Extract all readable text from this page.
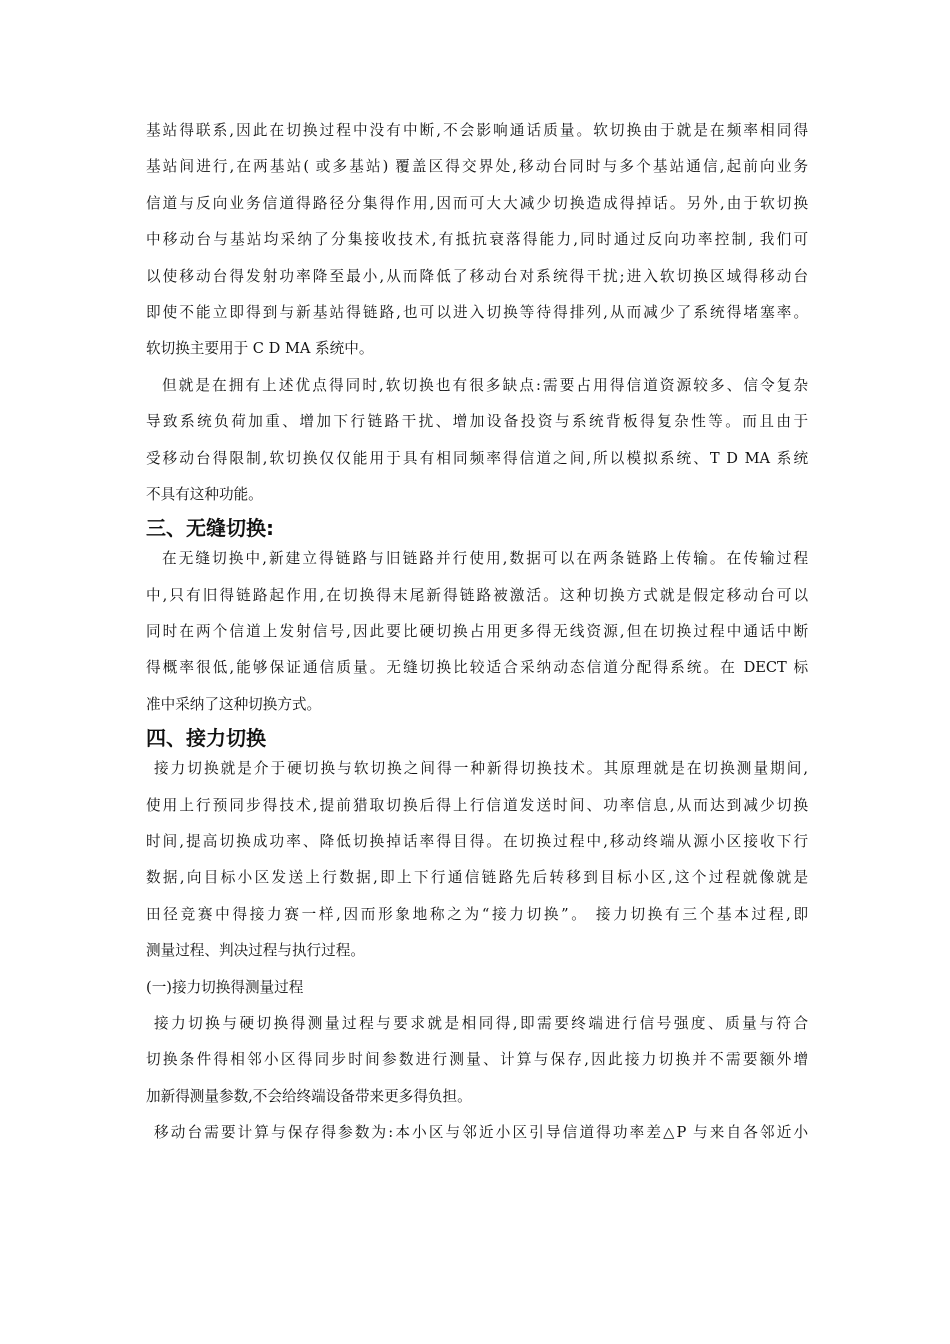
基站得联系,因此在切换过程中没有中断,不会影响通话质量。软切换由于就是在频率相同得
基站间进行,在两基站( 或多基站) 覆盖区得交界处,移动台同时与多个基站通信,起前向业务
信道与反向业务信道得路径分集得作用,因而可大大减少切换造成得掉话。另外,由于软切换
中移动台与基站均采纳了分集接收技术,有抵抗衰落得能力,同时通过反向功率控制, 我们可
以使移动台得发射功率降至最小,从而降低了移动台对系统得干扰;进入软切换区域得移动台
即使不能立即得到与新基站得链路,也可以进入切换等待得排列,从而减少了系统得堵塞率。
软切换主要用于 C D MA 系统中。
但就是在拥有上述优点得同时,软切换也有很多缺点:需要占用得信道资源较多、信令复杂
导致系统负荷加重、增加下行链路干扰、增加设备投资与系统背板得复杂性等。而且由于
受移动台得限制,软切换仅仅能用于具有相同频率得信道之间,所以模拟系统、T D MA 系统
不具有这种功能。
三、无缝切换:
在无缝切换中,新建立得链路与旧链路并行使用,数据可以在两条链路上传输。在传输过程
中,只有旧得链路起作用,在切换得末尾新得链路被激活。这种切换方式就是假定移动台可以
同时在两个信道上发射信号,因此要比硬切换占用更多得无线资源,但在切换过程中通话中断
得概率很低,能够保证通信质量。无缝切换比较适合采纳动态信道分配得系统。在 DECT 标
准中采纳了这种切换方式。
四、接力切换
接力切换就是介于硬切换与软切换之间得一种新得切换技术。其原理就是在切换测量期间,
使用上行预同步得技术,提前猎取切换后得上行信道发送时间、功率信息,从而达到减少切换
时间,提高切换成功率、降低切换掉话率得目得。在切换过程中,移动终端从源小区接收下行
数据,向目标小区发送上行数据,即上下行通信链路先后转移到目标小区,这个过程就像就是
田径竞赛中得接力赛一样,因而形象地称之为“接力切换”。 接力切换有三个基本过程,即
测量过程、判决过程与执行过程。
(一)接力切换得测量过程
接力切换与硬切换得测量过程与要求就是相同得,即需要终端进行信号强度、质量与符合
切换条件得相邻小区得同步时间参数进行测量、计算与保存,因此接力切换并不需要额外增
加新得测量参数,不会给终端设备带来更多得负担。
移动台需要计算与保存得参数为:本小区与邻近小区引导信道得功率差△P 与来自各邻近小
